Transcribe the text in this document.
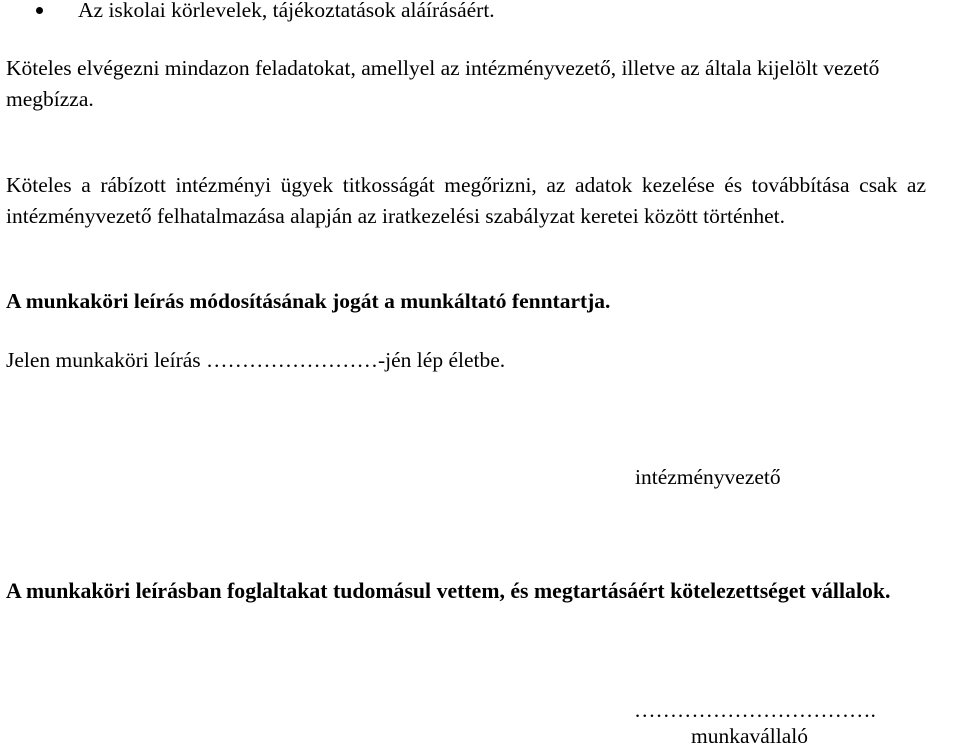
Az iskolai körlevelek, tájékoztatások aláírásáért.

Köteles elvégezni mindazon feladatokat, amellyel az intézményvezető, illetve az általa kijelölt vezető megbízza.

Köteles a rábízott intézményi ügyek titkosságát megőrizni, az adatok kezelése és továbbítása csak az intézményvezető felhatalmazása alapján az iratkezelési szabályzat keretei között történhet.

A munkaköri leírás módosításának jogát a munkáltató fenntartja.

Jelen munkaköri leírás ……………………-jén lép életbe.

intézményvezető

A munkaköri leírásban foglaltakat tudomásul vettem, és megtartásáért kötelezettséget vállalok.

…………………………….
munkavállaló
